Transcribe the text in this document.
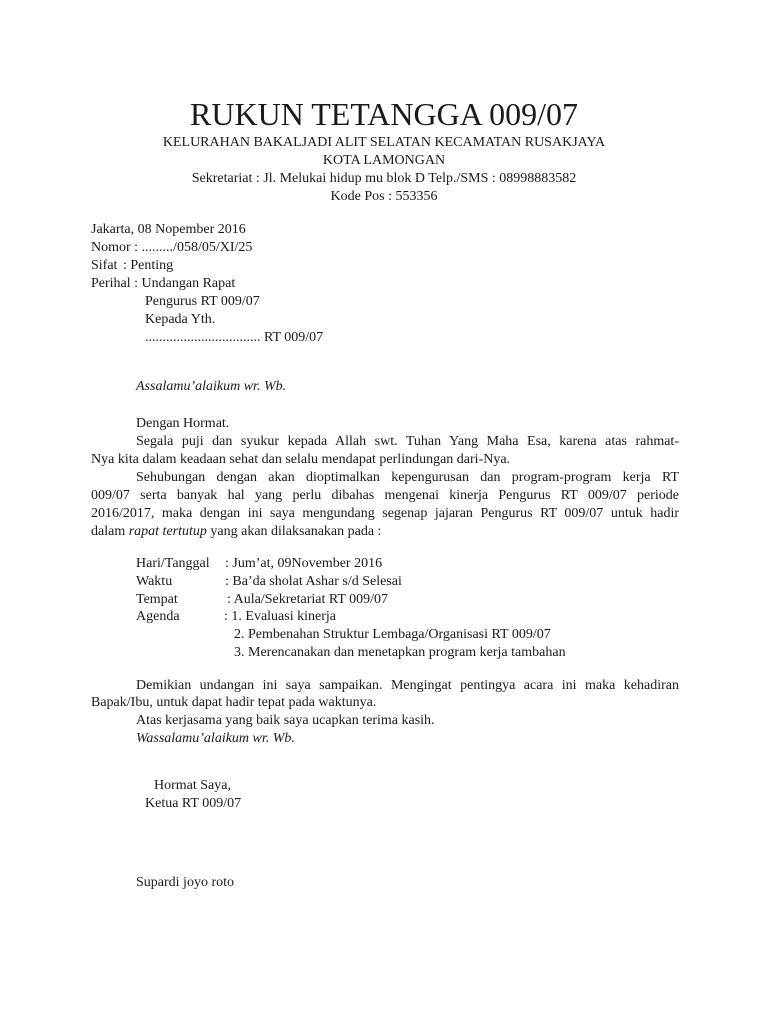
RUKUN TETANGGA 009/07
KELURAHAN BAKALJADI ALIT SELATAN KECAMATAN RUSAKJAYA
KOTA LAMONGAN
Sekretariat : Jl. Melukai hidup mu blok D Telp./SMS : 08998883582
Kode Pos : 553356
Jakarta, 08 Nopember 2016
Nomor : ........./058/05/XI/25
Sifat : Penting
Perihal : Undangan Rapat
Pengurus RT 009/07
Kepada Yth.
................................. RT 009/07
Assalamu’alaikum wr. Wb.
Dengan Hormat.
Segala puji dan syukur kepada Allah swt. Tuhan Yang Maha Esa, karena atas rahmat-
Nya kita dalam keadaan sehat dan selalu mendapat perlindungan dari-Nya.
Sehubungan dengan akan dioptimalkan kepengurusan dan program-program kerja RT
009/07 serta banyak hal yang perlu dibahas mengenai kinerja Pengurus RT 009/07 periode
2016/2017, maka dengan ini saya mengundang segenap jajaran Pengurus RT 009/07 untuk hadir
dalam rapat tertutup yang akan dilaksanakan pada :
Hari/Tanggal : Jum’at, 09November 2016
Waktu	: Ba’da sholat Ashar s/d Selesai
Tempat	: Aula/Sekretariat RT 009/07
Agenda	: 1. Evaluasi kinerja
2. Pembenahan Struktur Lembaga/Organisasi RT 009/07
3. Merencanakan dan menetapkan program kerja tambahan
Demikian undangan ini saya sampaikan. Mengingat pentingya acara ini maka kehadiran
Bapak/Ibu, untuk dapat hadir tepat pada waktunya.
Atas kerjasama yang baik saya ucapkan terima kasih.
Wassalamu’alaikum wr. Wb.
Hormat Saya,
Ketua RT 009/07
Supardi joyo roto
